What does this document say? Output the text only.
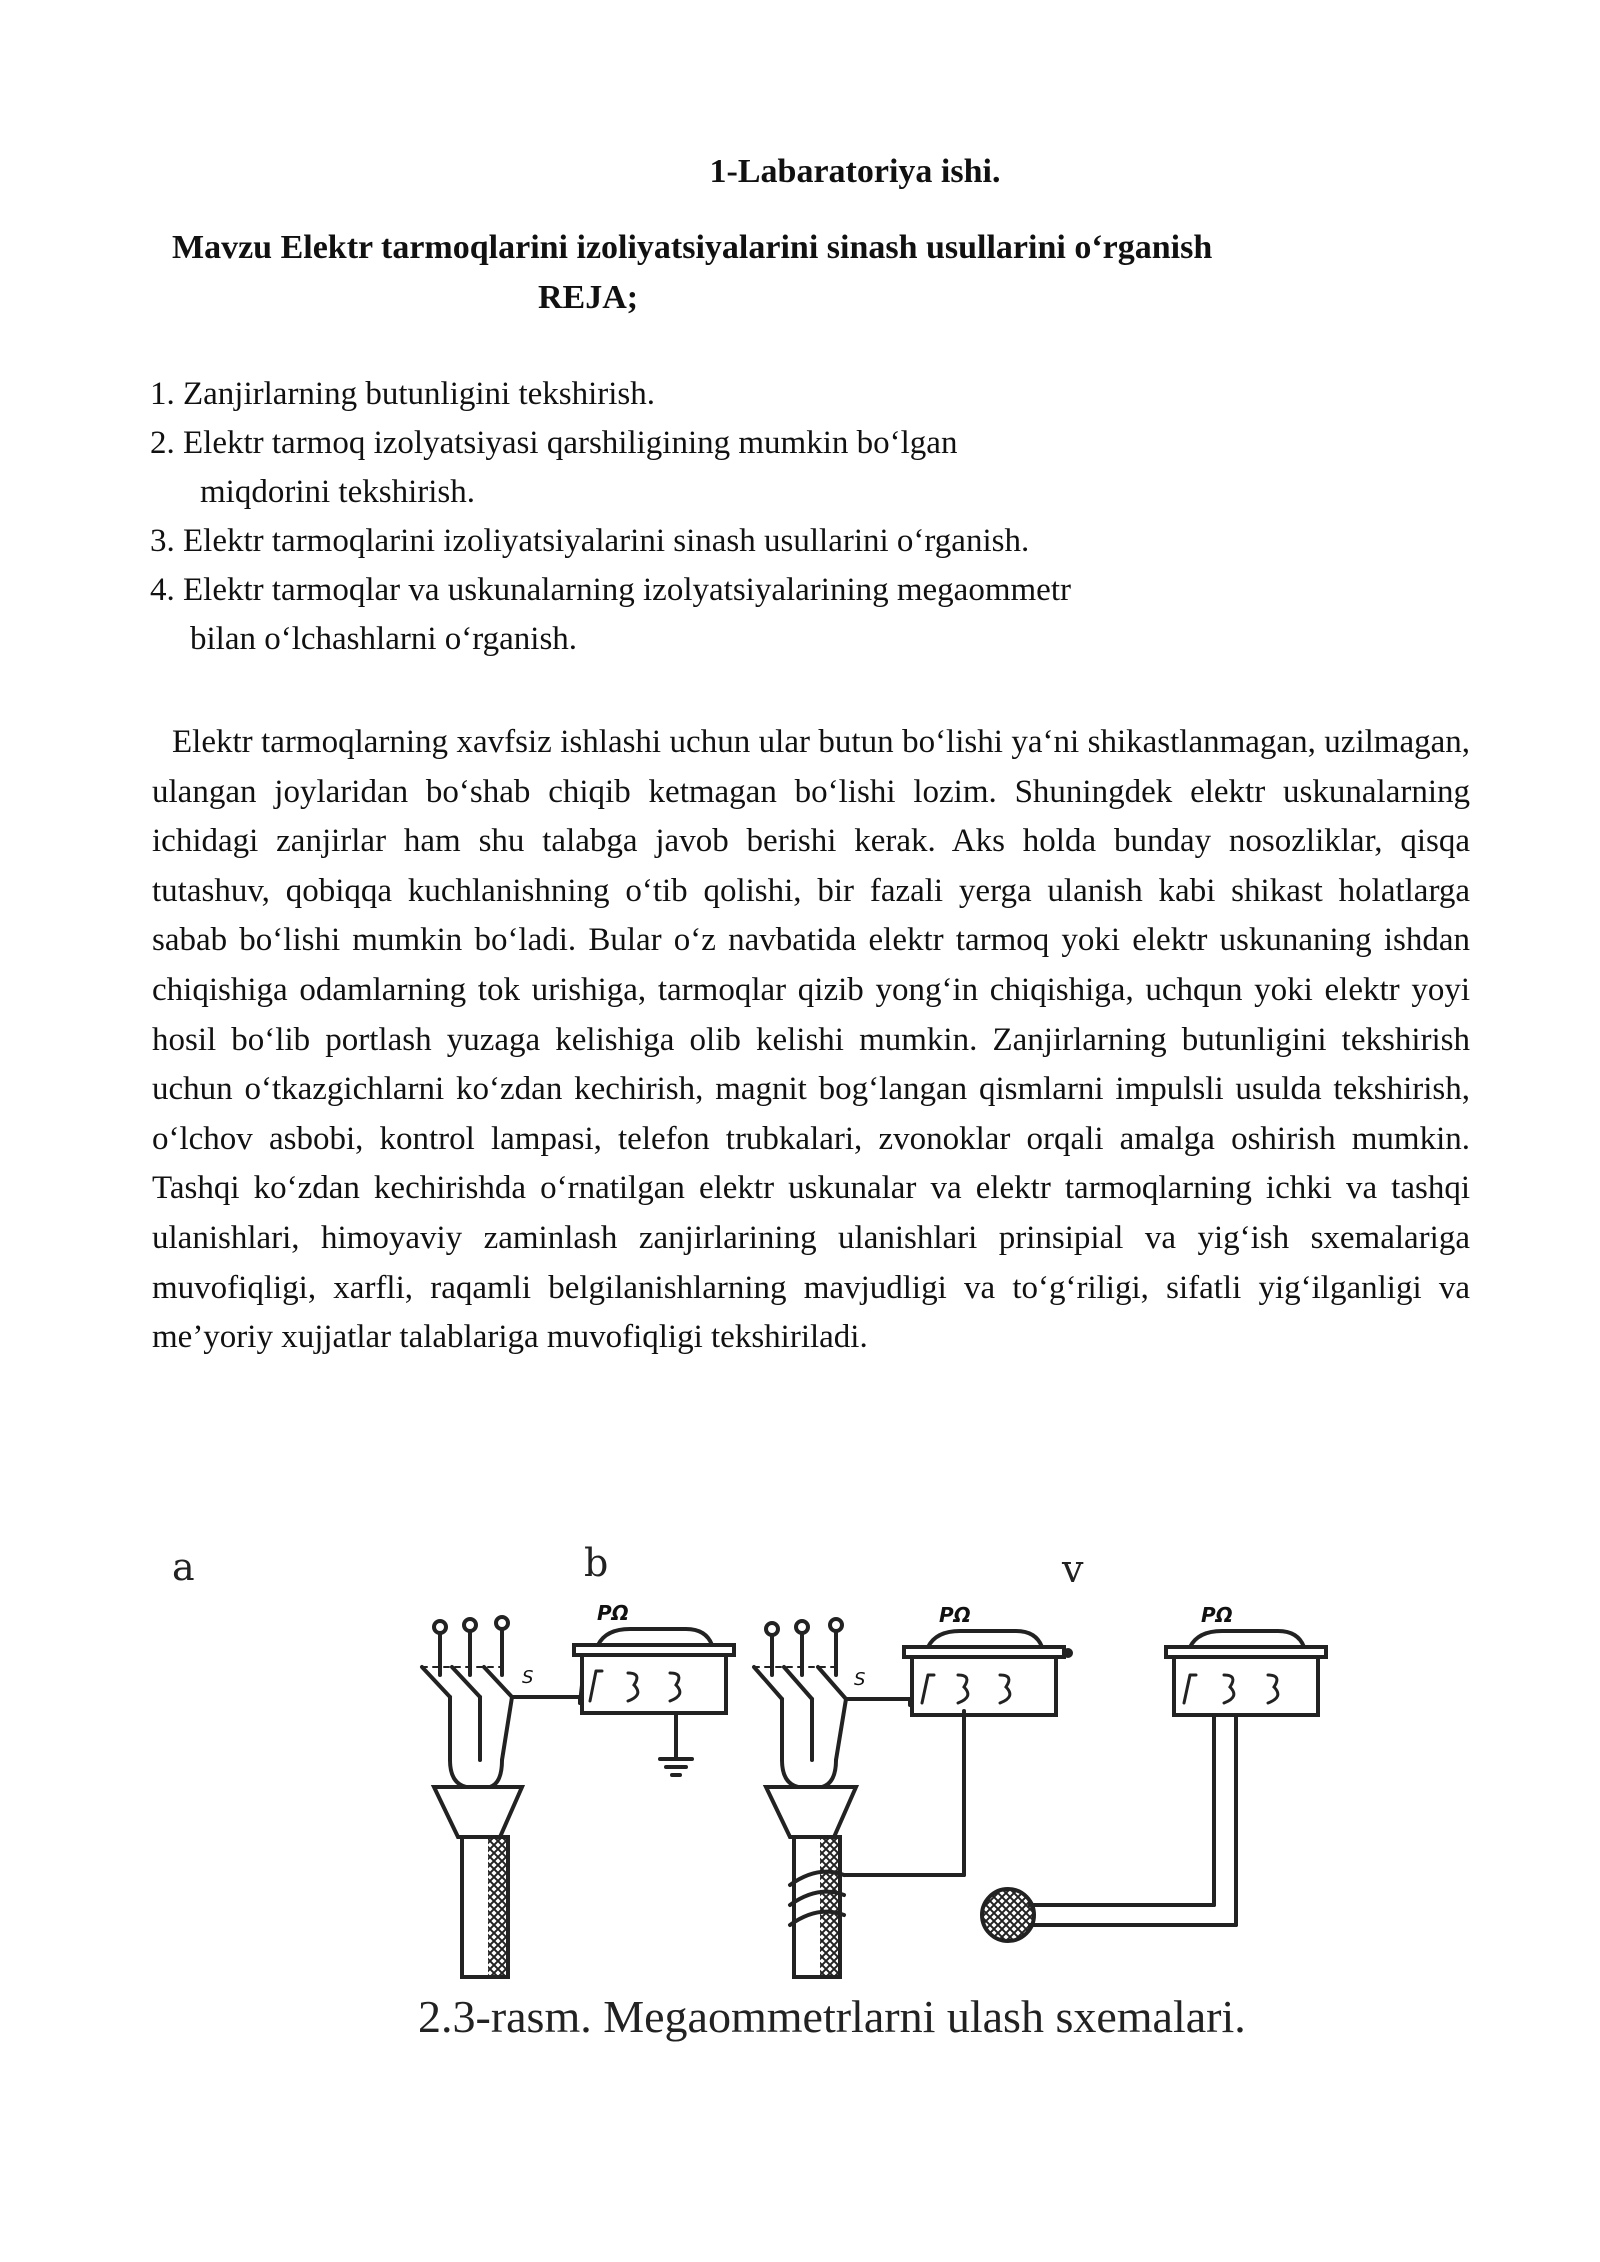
1-Labaratoriya ishi.
Mavzu Elektr tarmoqlarini izoliyatsiyalarini sinash usullarini o‘rganish
REJA;
1. Zanjirlarning butunligini tekshirish.
2. Elektr tarmoq izolyatsiyasi qarshiligining mumkin bo‘lgan
miqdorini tekshirish.
3. Elektr tarmoqlarini izoliyatsiyalarini sinash usullarini o‘rganish.
4. Elektr tarmoqlar va uskunalarning izolyatsiyalarining megaommetr
bilan o‘lchashlarni o‘rganish.

Elektr tarmoqlarning xavfsiz ishlashi uchun ular butun bo‘lishi ya‘ni shikastlanmagan, uzilmagan, ulangan joylaridan bo‘shab chiqib ketmagan bo‘lishi lozim. Shuningdek elektr uskunalarning ichidagi zanjirlar ham shu talabga javob berishi kerak. Aks holda bunday nosozliklar, qisqa tutashuv, qobiqqa kuchlanishning o‘tib qolishi, bir fazali yerga ulanish kabi shikast holatlarga sabab bo‘lishi mumkin bo‘ladi. Bular o‘z navbatida elektr tarmoq yoki elektr uskunaning ishdan chiqishiga odamlarning tok urishiga, tarmoqlar qizib yong‘in chiqishiga, uchqun yoki elektr yoyi hosil bo‘lib portlash yuzaga kelishiga olib kelishi mumkin. Zanjirlarning butunligini tekshirish uchun o‘tkazgichlarni ko‘zdan kechirish, magnit bog‘langan qismlarni impulsli usulda tekshirish, o‘lchov asbobi, kontrol lampasi, telefon trubkalari, zvonoklar orqali amalga oshirish mumkin. Tashqi ko‘zdan kechirishda o‘rnatilgan elektr uskunalar va elektr tarmoqlarning ichki va tashqi ulanishlari, himoyaviy zaminlash zanjirlarining ulanishlari prinsipial va yig‘ish sxemalariga muvofiqligi, xarfli, raqamli belgilanishlarning mavjudligi va to‘g‘riligi, sifatli yig‘ilganligi va me’yoriy xujjatlar talablariga muvofiqligi tekshiriladi.

a	b	v
PΩ
S
PΩ
S
PΩ
2.3-rasm. Megaommetrlarni ulash sxemalari.
